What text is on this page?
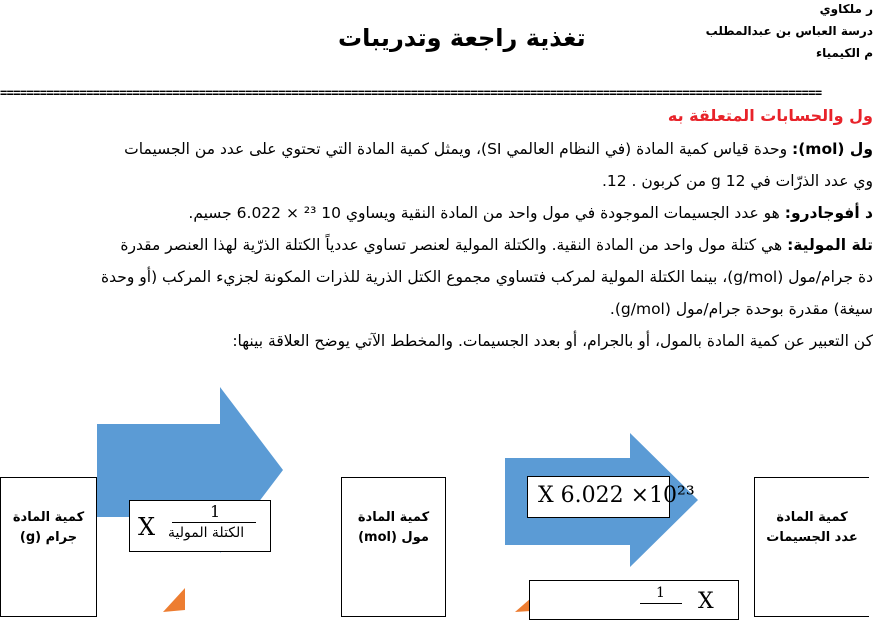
ر ملكاوي
درسة العباس بن عبدالمطلب
م الكيمياء
تغذية راجعة وتدريبات
============================================================================================================================
ول والحسابات المتعلقة به
ول (mol): وحدة قياس كمية المادة (في النظام العالمي SI)، ويمثل كمية المادة التي تحتوي على عدد من الجسيمات
وي عدد الذرّات في g 12 من كربون . 12.
د أفوجادرو: هو عدد الجسيمات الموجودة في مول واحد من المادة النقية ويساوي 10 ²³ × 6.022 جسيم.
تلة المولية: هي كتلة مول واحد من المادة النقية. والكتلة المولية لعنصر تساوي عددياً الكتلة الذرّية لهذا العنصر مقدرة
دة جرام/مول (g/mol)، بينما الكتلة المولية لمركب فتساوي مجموع الكتل الذرية للذرات المكونة لجزيء المركب (أو وحدة
سيغة) مقدرة بوحدة جرام/مول (g/mol).
كن التعبير عن كمية المادة بالمول، أو بالجرام، أو بعدد الجسيمات. والمخطط الآتي يوضح العلاقة بينها:
كمية المادة
جرام (g)	X
1
الكتلة المولية
كمية المادة
مول (mol)
X 6.022 ×10²³
كمية المادة
عدد الجسيمات
1 X
